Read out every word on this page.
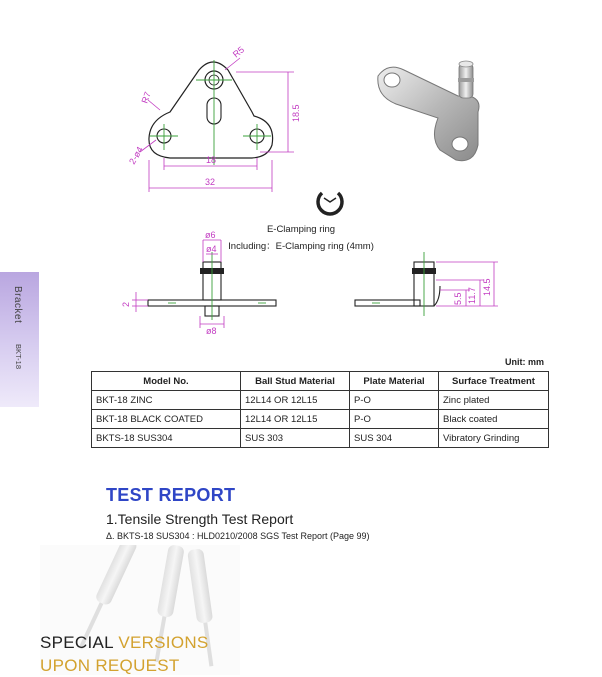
Bracket
BKT-18
R5
R7
2-ø4
18.5
18
32
ø6
ø4
ø8
2	5.5 11.7 14.5
E-Clamping ring
Including：E-Clamping ring (4mm)
Unit: mm
Model No.	Ball Stud Material	Plate Material	Surface Treatment
BKT-18 ZINC	12L14 OR 12L15	P-O	Zinc plated
BKT-18 BLACK COATED	12L14 OR 12L15	P-O	Black coated
BKTS-18 SUS304	SUS 303	SUS 304	Vibratory Grinding
TEST REPORT
1.Tensile Strength Test Report
Δ. BKTS-18 SUS304 : HLD0210/2008 SGS Test Report (Page 99)
SPECIAL VERSIONS
UPON REQUEST
